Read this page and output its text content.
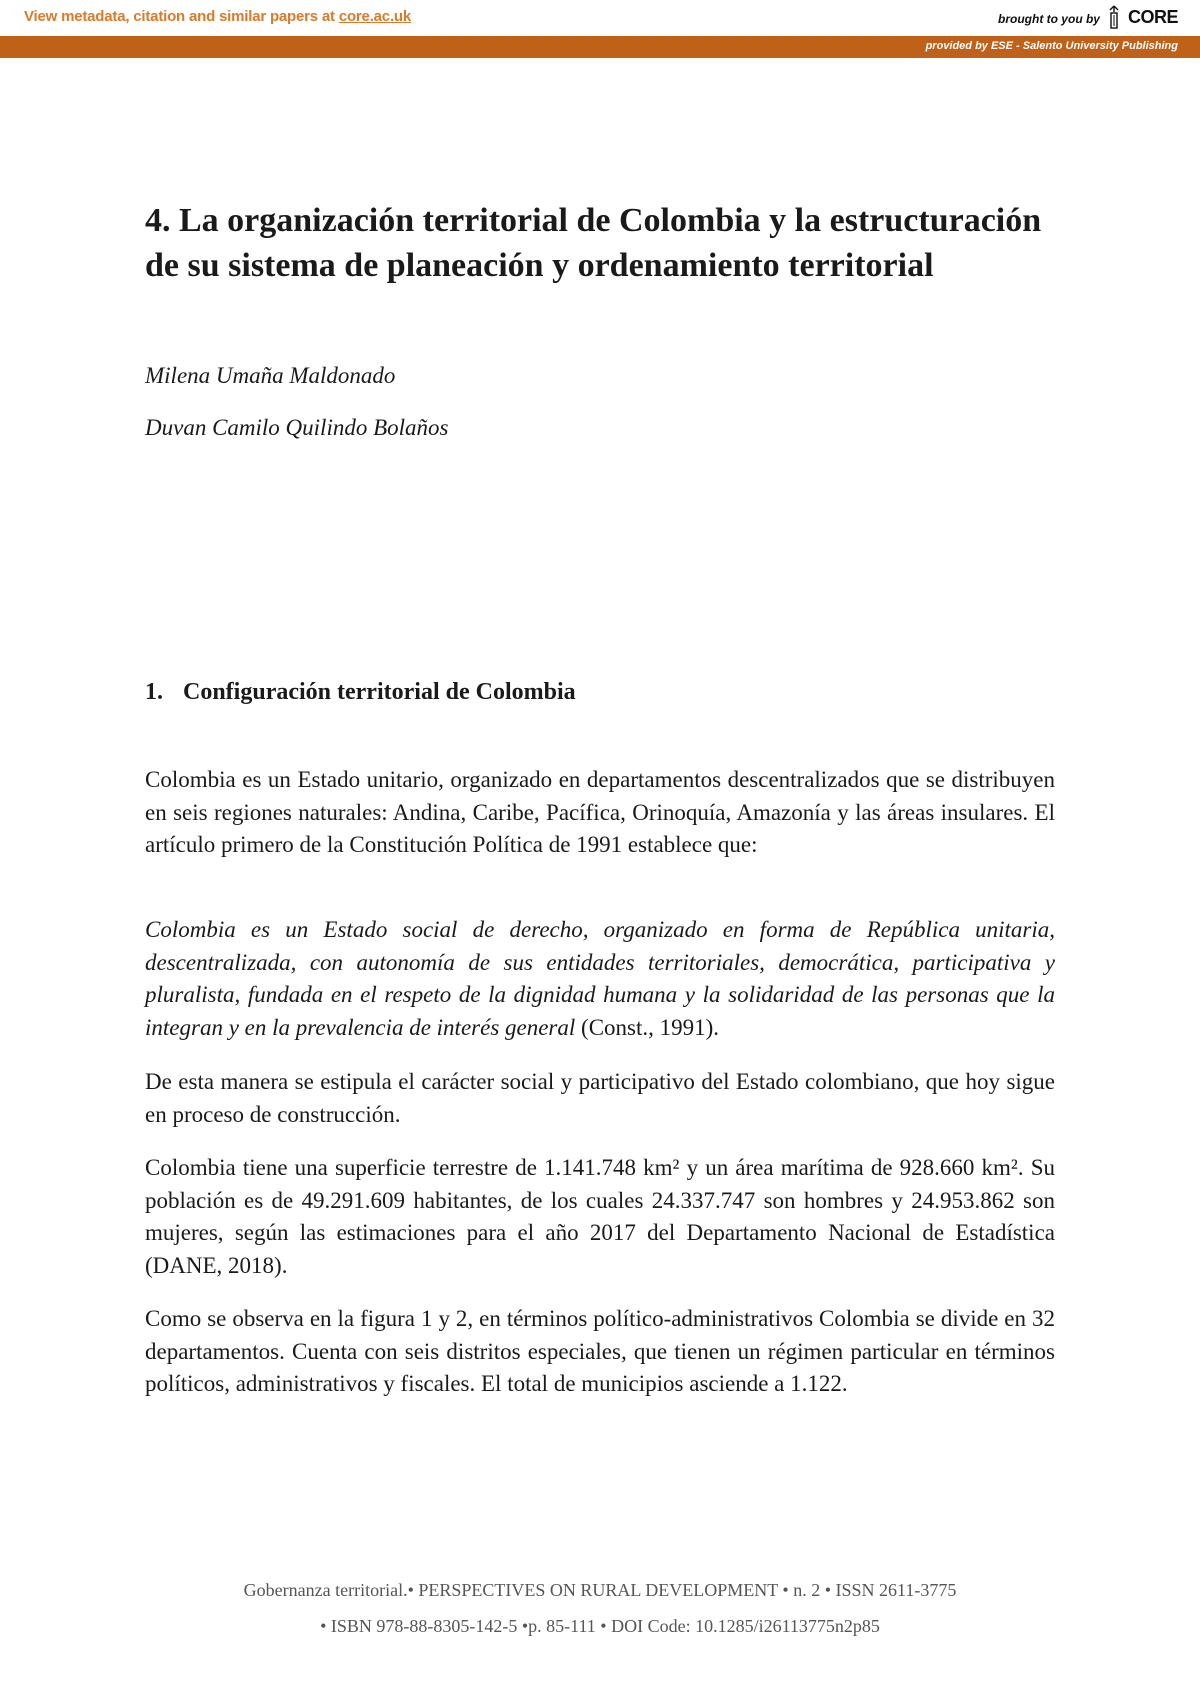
View metadata, citation and similar papers at core.ac.uk	brought to you by CORE
provided by ESE - Salento University Publishing
4. La organización territorial de Colombia y la estructuración de su sistema de planeación y ordenamiento territorial

Milena Umaña Maldonado

Duvan Camilo Quilindo Bolaños

1. Configuración territorial de Colombia

Colombia es un Estado unitario, organizado en departamentos descentralizados que se distribuyen en seis regiones naturales: Andina, Caribe, Pacífica, Orinoquía, Amazonía y las áreas insulares. El artículo primero de la Constitución Política de 1991 establece que:

Colombia es un Estado social de derecho, organizado en forma de República unitaria, descentralizada, con autonomía de sus entidades territoriales, democrática, participativa y pluralista, fundada en el respeto de la dignidad humana y la solidaridad de las personas que la integran y en la prevalencia de interés general (Const., 1991).

De esta manera se estipula el carácter social y participativo del Estado colombiano, que hoy sigue en proceso de construcción.

Colombia tiene una superficie terrestre de 1.141.748 km² y un área marítima de 928.660 km². Su población es de 49.291.609 habitantes, de los cuales 24.337.747 son hombres y 24.953.862 son mujeres, según las estimaciones para el año 2017 del Departamento Nacional de Estadística (DANE, 2018).

Como se observa en la figura 1 y 2, en términos político-administrativos Colombia se divide en 32 departamentos. Cuenta con seis distritos especiales, que tienen un régimen particular en términos políticos, administrativos y fiscales. El total de municipios asciende a 1.122.

Gobernanza territorial.• PERSPECTIVES ON RURAL DEVELOPMENT • n. 2 • ISSN 2611-3775

• ISBN 978-88-8305-142-5 •p. 85-111 • DOI Code: 10.1285/i26113775n2p85
